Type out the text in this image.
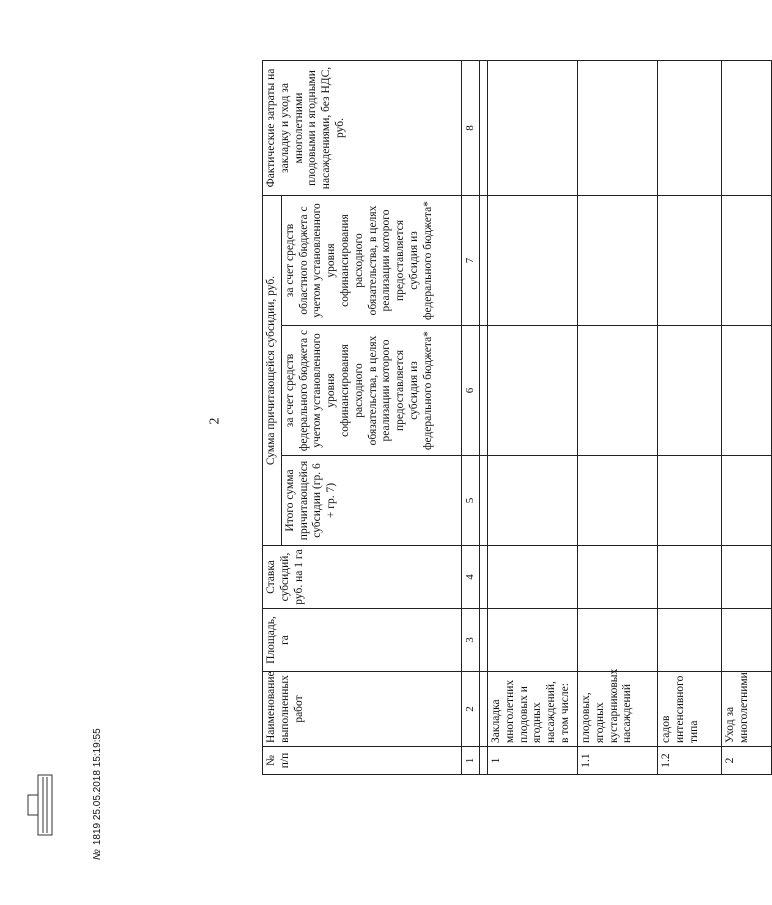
2
№ п/п	Наименование выполненных работ	Площадь, га	Ставка субсидий, руб. на 1 га	Сумма причитающейся субсидии, руб.			Фактические затраты на закладку и уход за многолетними плодовыми и ягодными насаждениями, без НДС, руб.
				Итого сумма причитающейся субсидии (гр. 6 + гр. 7)	за счет средств федерального бюджета с учетом установленного уровня софинансирования расходного обязательства, в целях реализации которого предоставляется субсидия из федерального бюджета*	за счет средств областного бюджета с учетом установленного уровня софинансирования расходного обязательства, в целях реализации которого предоставляется субсидия из федерального бюджета*	
1	2	3	4	5	6	7	8

1	Закладка многолетних плодовых и ягодных насаждений, в том числе:						
1.1	плодовых, ягодных кустарниковых насаждений						
1.2	садов интенсивного типа						
2	Уход за многолетними						
№1819 25.05.2018 15:19:55
